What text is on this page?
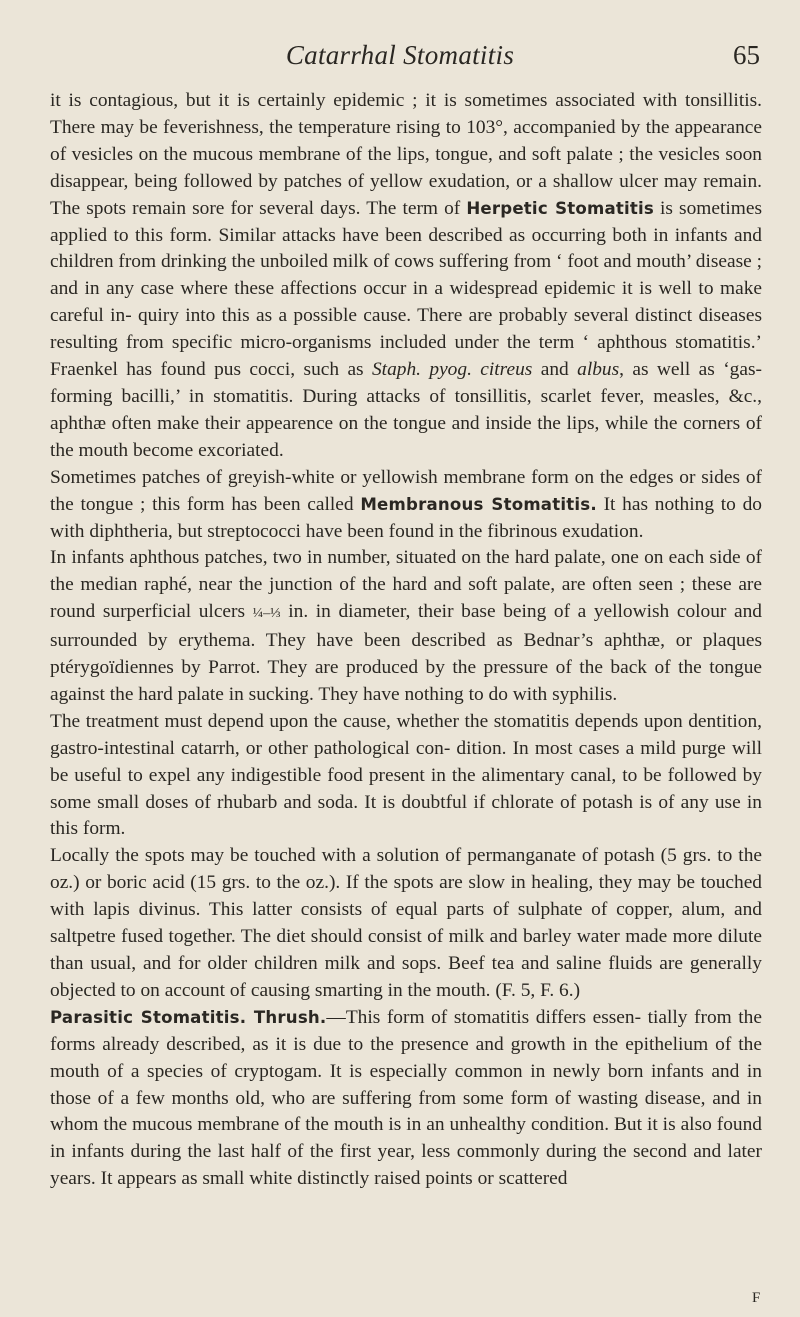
Catarrhal Stomatitis	65

it is contagious, but it is certainly epidemic ; it is sometimes associated with tonsillitis. There may be feverishness, the temperature rising to 103°, accompanied by the appearance of vesicles on the mucous membrane of the lips, tongue, and soft palate ; the vesicles soon disappear, being followed by patches of yellow exudation, or a shallow ulcer may remain. The spots remain sore for several days. The term of Herpetic Stomatitis is sometimes applied to this form. Similar attacks have been described as occurring both in infants and children from drinking the unboiled milk of cows suffering from ‘ foot and mouth’ disease ; and in any case where these affections occur in a widespread epidemic it is well to make careful in- quiry into this as a possible cause. There are probably several distinct diseases resulting from specific micro-organisms included under the term ‘ aphthous stomatitis.’ Fraenkel has found pus cocci, such as Staph. pyog. citreus and albus, as well as ‘gas-forming bacilli,’ in stomatitis. During attacks of tonsillitis, scarlet fever, measles, &c., aphthæ often make their appearence on the tongue and inside the lips, while the corners of the mouth become excoriated.

Sometimes patches of greyish-white or yellowish membrane form on the edges or sides of the tongue ; this form has been called Membranous Stomatitis. It has nothing to do with diphtheria, but streptococci have been found in the fibrinous exudation.

In infants aphthous patches, two in number, situated on the hard palate, one on each side of the median raphé, near the junction of the hard and soft palate, are often seen ; these are round surperficial ulcers ¼–⅓ in. in diameter, their base being of a yellowish colour and surrounded by erythema. They have been described as Bednar’s aphthæ, or plaques ptérygoïdiennes by Parrot. They are produced by the pressure of the back of the tongue against the hard palate in sucking. They have nothing to do with syphilis.

The treatment must depend upon the cause, whether the stomatitis depends upon dentition, gastro-intestinal catarrh, or other pathological con- dition. In most cases a mild purge will be useful to expel any indigestible food present in the alimentary canal, to be followed by some small doses of rhubarb and soda. It is doubtful if chlorate of potash is of any use in this form.

Locally the spots may be touched with a solution of permanganate of potash (5 grs. to the oz.) or boric acid (15 grs. to the oz.). If the spots are slow in healing, they may be touched with lapis divinus. This latter consists of equal parts of sulphate of copper, alum, and saltpetre fused together. The diet should consist of milk and barley water made more dilute than usual, and for older children milk and sops. Beef tea and saline fluids are generally objected to on account of causing smarting in the mouth. (F. 5, F. 6.)

Parasitic Stomatitis. Thrush.—This form of stomatitis differs essen- tially from the forms already described, as it is due to the presence and growth in the epithelium of the mouth of a species of cryptogam. It is especially common in newly born infants and in those of a few months old, who are suffering from some form of wasting disease, and in whom the mucous membrane of the mouth is in an unhealthy condition. But it is also found in infants during the last half of the first year, less commonly during the second and later years. It appears as small white distinctly raised points or scattered

F
